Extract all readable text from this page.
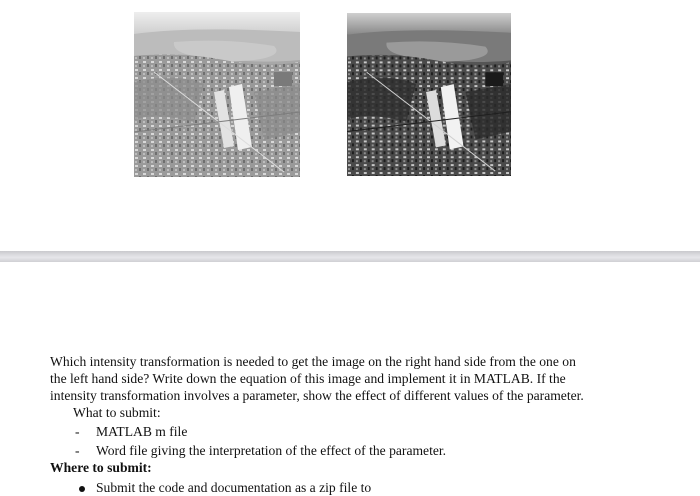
Which intensity transformation is needed to get the image on the right hand side from the one on
the left hand side? Write down the equation of this image and implement it in MATLAB. If the
intensity transformation involves a parameter, show the effect of different values of the parameter.
What to submit:
- MATLAB m file
- Word file giving the interpretation of the effect of the parameter.
Where to submit:
Submit the code and documentation as a zip file to
